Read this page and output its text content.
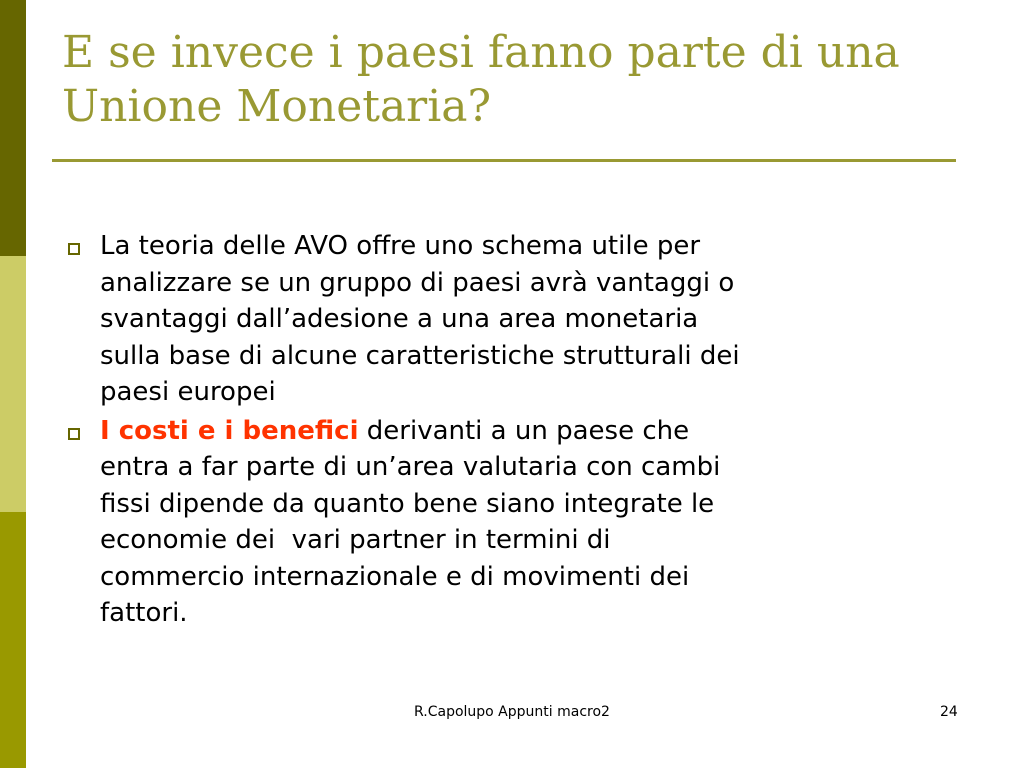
E se invece i paesi fanno parte di una
Unione Monetaria?
La teoria delle AVO offre uno schema utile per
analizzare se un gruppo di paesi avrà vantaggi o
svantaggi dall’adesione a una area monetaria
sulla base di alcune caratteristiche strutturali dei
paesi europei
I costi e i benefici derivanti a un paese che
entra a far parte di un’area valutaria con cambi
fissi dipende da quanto bene siano integrate le
economie dei  vari partner in termini di
commercio internazionale e di movimenti dei
fattori.
R.Capolupo Appunti macro2	24
